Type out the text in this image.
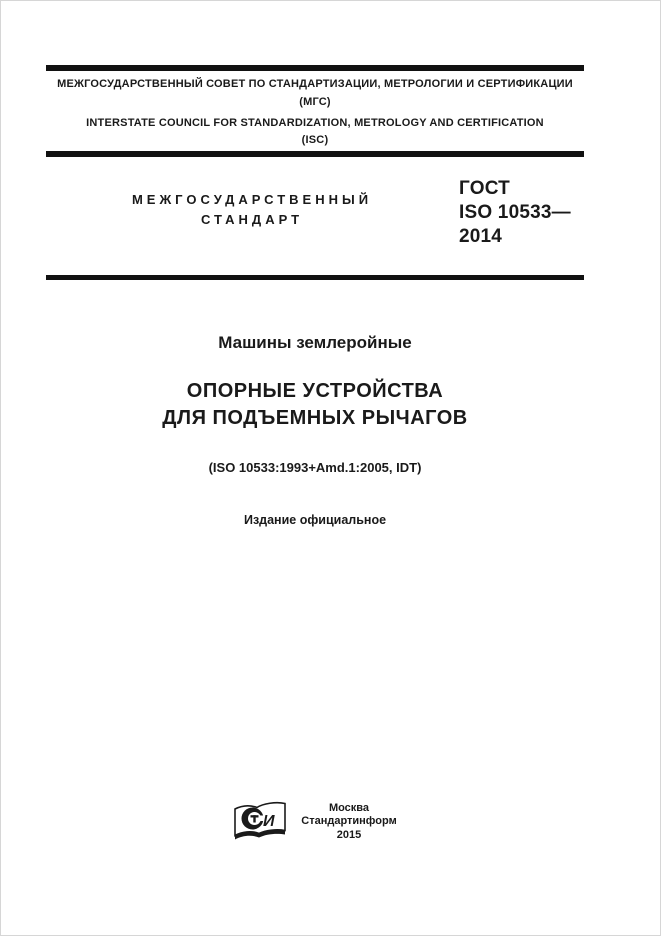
МЕЖГОСУДАРСТВЕННЫЙ СОВЕТ ПО СТАНДАРТИЗАЦИИ, МЕТРОЛОГИИ И СЕРТИФИКАЦИИ
(МГС)
INTERSTATE COUNCIL FOR STANDARDIZATION, METROLOGY AND CERTIFICATION
(ISC)
МЕЖГОСУДАРСТВЕННЫЙ
СТАНДАРТ
ГОСТ
ISO 10533—
2014
Машины землеройные
ОПОРНЫЕ УСТРОЙСТВА
ДЛЯ ПОДЪЕМНЫХ РЫЧАГОВ
(ISO 10533:1993+Amd.1:2005, IDT)
Издание официальное
И
Москва
Стандартинформ
2015
